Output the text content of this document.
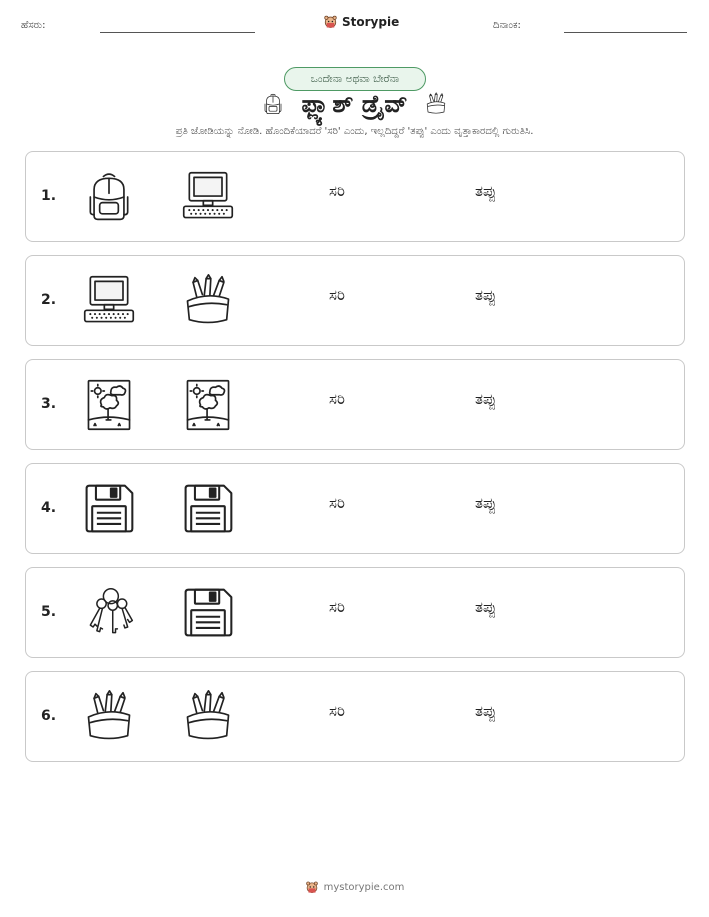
ಹೆಸರು:	Storypie	ದಿನಾಂಕ:
ಒಂದೇನಾ ಅಥವಾ ಬೇರೆನಾ
ಫ್ಲ್ಯಾಶ್ ಡ್ರೈವ್
ಪ್ರತಿ ಜೋಡಿಯನ್ನು ನೋಡಿ. ಹೊಂದಿಕೆಯಾದರೆ 'ಸರಿ' ಎಂದು, ಇಲ್ಲದಿದ್ದರೆ 'ತಪ್ಪು' ಎಂದು ವೃತ್ತಾಕಾರದಲ್ಲಿ ಗುರುತಿಸಿ.
1.	ಸರಿ	ತಪ್ಪು
2.	ಸರಿ	ತಪ್ಪು
3.	ಸರಿ	ತಪ್ಪು
4.	ಸರಿ	ತಪ್ಪು
5.	ಸರಿ	ತಪ್ಪು
6.	ಸರಿ	ತಪ್ಪು
mystorypie.com
